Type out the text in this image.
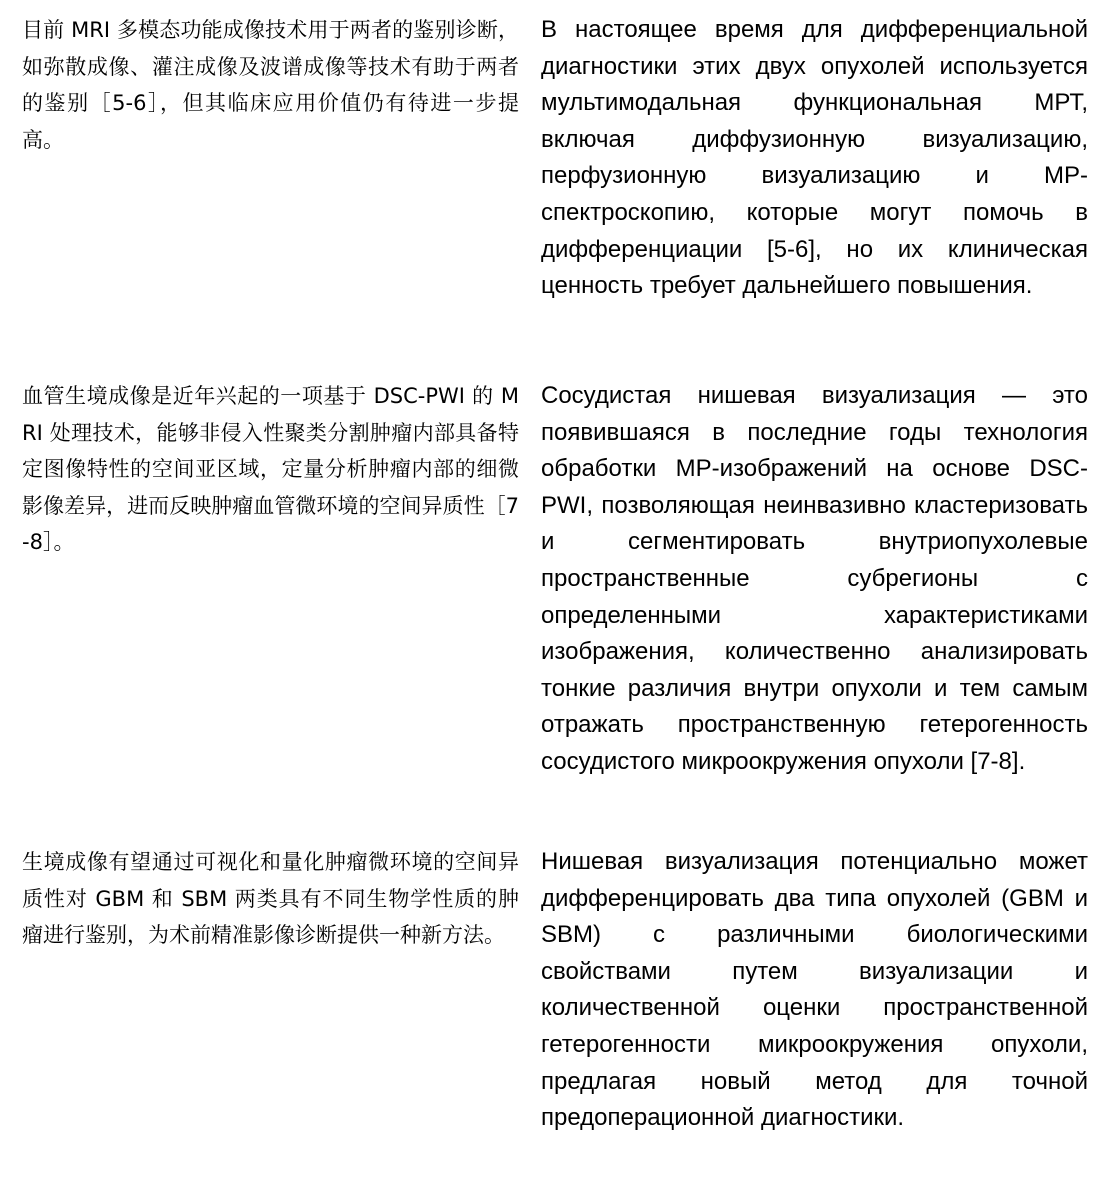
目前 MRI 多模态功能成像技术用于两者的鉴别诊断，如弥散成像、灌注成像及波谱成像等技术有助于两者的鉴别［5-6］，但其临床应用价值仍有待进一步提高。
В настоящее время для дифференциальной диагностики этих двух опухолей используется мультимодальная функциональная МРТ, включая диффузионную визуализацию, перфузионную визуализацию и МР-спектроскопию, которые могут помочь в дифференциации [5-6], но их клиническая ценность требует дальнейшего повышения.
血管生境成像是近年兴起的一项基于 DSC-PWI 的 MRI 处理技术，能够非侵入性聚类分割肿瘤内部具备特定图像特性的空间亚区域，定量分析肿瘤内部的细微影像差异，进而反映肿瘤血管微环境的空间异质性［7-8］。
Сосудистая нишевая визуализация — это появившаяся в последние годы технология обработки МР-изображений на основе DSC-PWI, позволяющая неинвазивно кластеризовать и сегментировать внутриопухолевые пространственные субрегионы с определенными характеристиками изображения, количественно анализировать тонкие различия внутри опухоли и тем самым отражать пространственную гетерогенность сосудистого микроокружения опухоли [7-8].
生境成像有望通过可视化和量化肿瘤微环境的空间异质性对 GBM 和 SBM 两类具有不同生物学性质的肿瘤进行鉴别，为术前精准影像诊断提供一种新方法。
Нишевая визуализация потенциально может дифференцировать два типа опухолей (GBM и SBM) с различными биологическими свойствами путем визуализации и количественной оценки пространственной гетерогенности микроокружения опухоли, предлагая новый метод для точной предоперационной диагностики.
